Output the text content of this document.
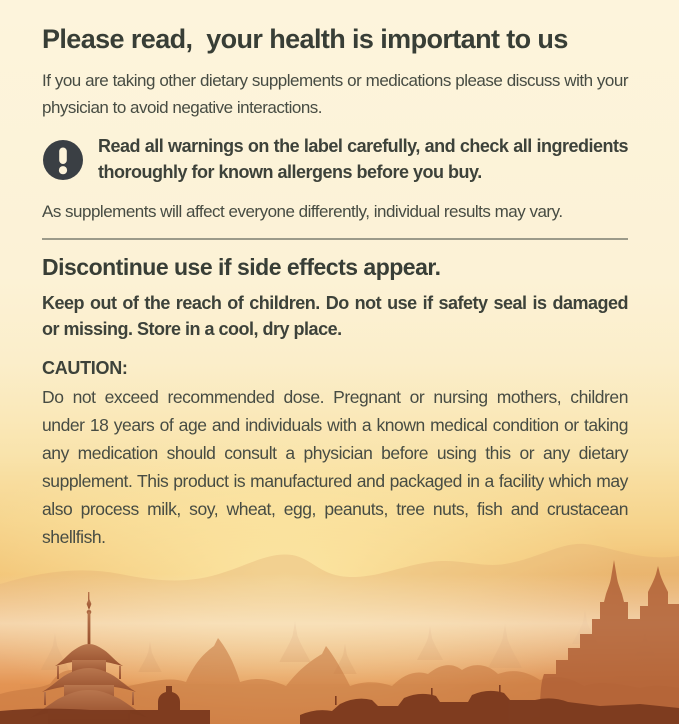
Please read,  your health is important to us

If you are taking other dietary supplements or medications please discuss with your physician to avoid negative interactions.

Read all warnings on the label carefully, and check all ingredients thoroughly for known allergens before you buy.

As supplements will affect everyone differently, individual results may vary.

Discontinue use if side effects appear.

Keep out of the reach of children. Do not use if safety seal is damaged or missing. Store in a cool, dry place.

CAUTION:

Do not exceed recommended dose. Pregnant or nursing mothers, children under 18 years of age and individuals with a known medical condition or taking any medication should consult a physician before using this or any dietary supplement. This product is manufactured and packaged in a facility which may also process milk, soy, wheat, egg, peanuts, tree nuts, fish and crustacean shellfish.
